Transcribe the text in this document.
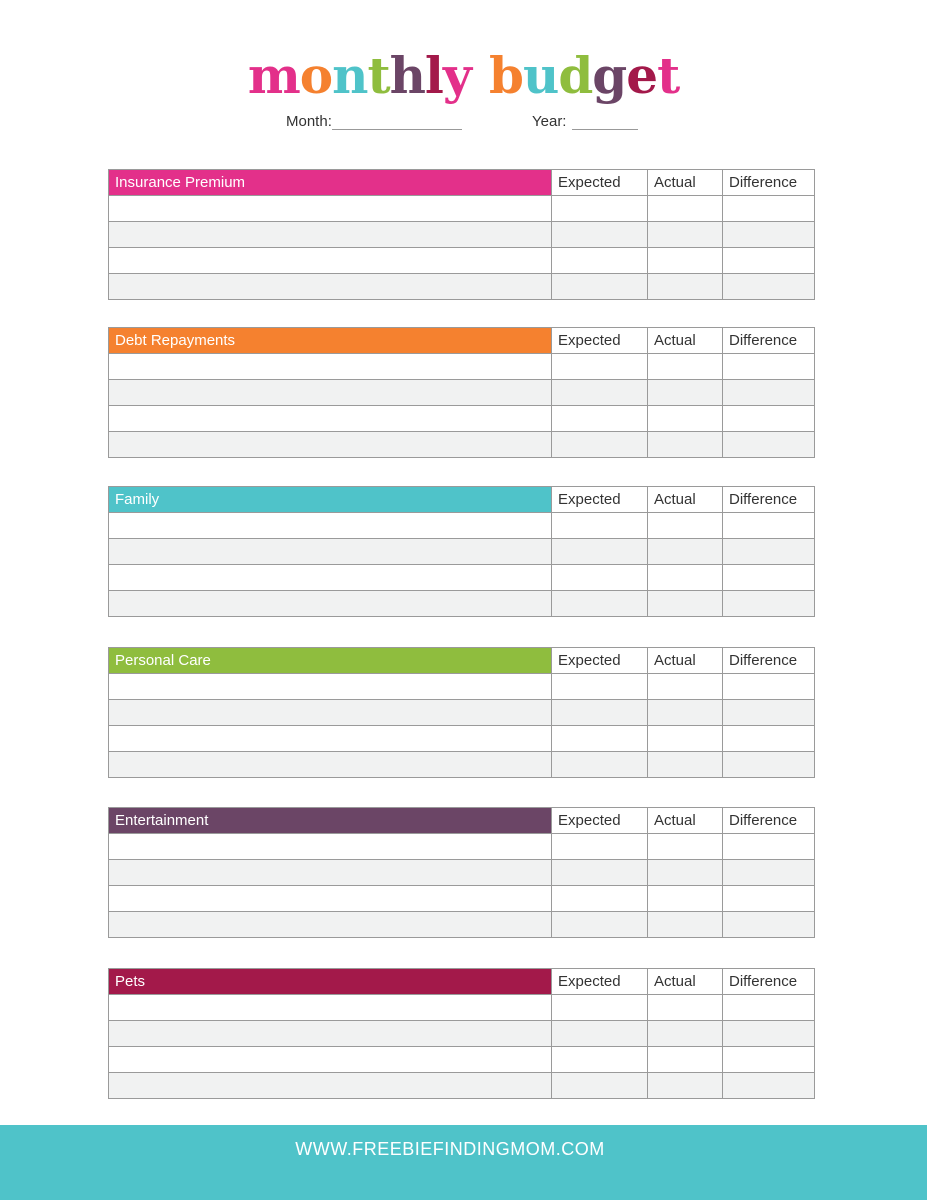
monthly budget
Month:	Year:
Insurance Premium	Expected	Actual	Difference

Debt Repayments	Expected	Actual	Difference

Family	Expected	Actual	Difference

Personal Care	Expected	Actual	Difference

Entertainment	Expected	Actual	Difference

Pets	Expected	Actual	Difference

WWW.FREEBIEFINDINGMOM.COM
